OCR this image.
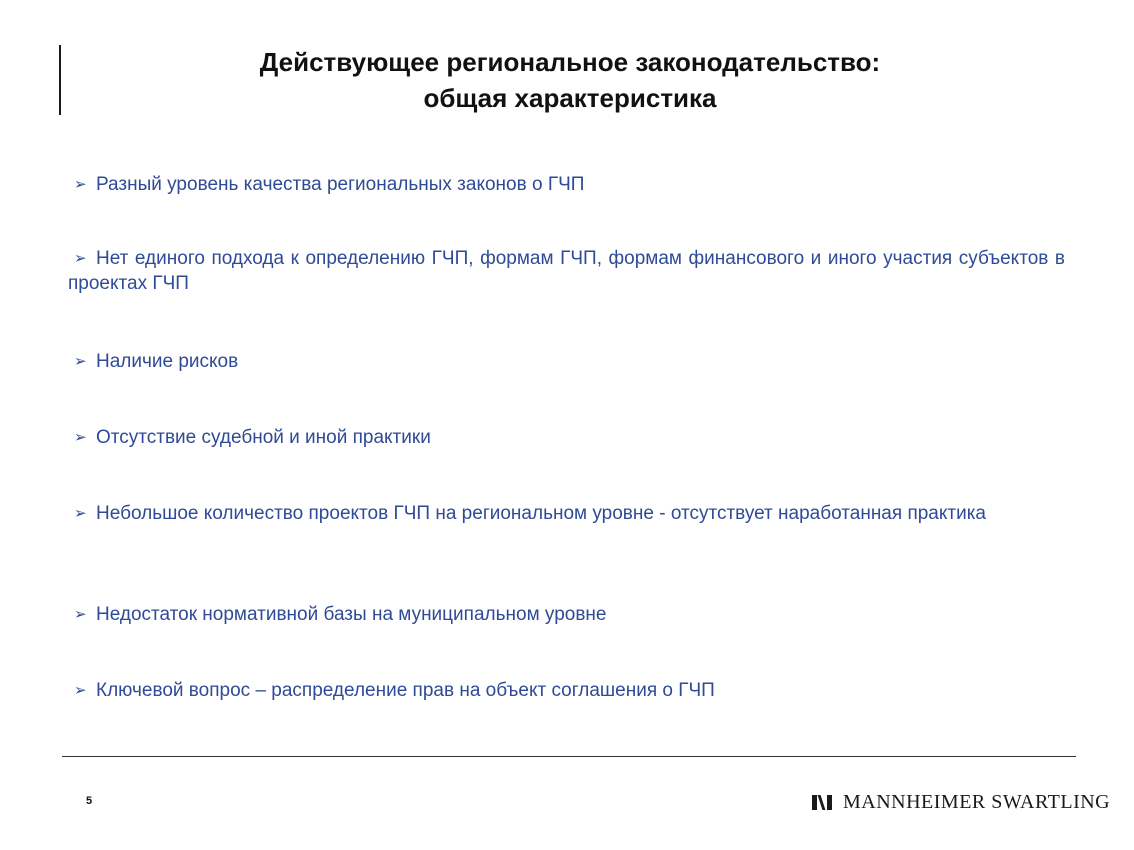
Действующее региональное законодательство:
общая характеристика
➢ Разный уровень качества региональных законов о ГЧП
➢ Нет единого подхода к определению ГЧП, формам ГЧП, формам финансового и иного участия субъектов в проектах ГЧП
➢ Наличие рисков
➢ Отсутствие судебной и иной практики
➢ Небольшое количество проектов ГЧП на региональном уровне - отсутствует наработанная практика
➢ Недостаток нормативной базы на муниципальном уровне
➢ Ключевой вопрос – распределение прав на объект соглашения о ГЧП
5	MANNHEIMER SWARTLING
